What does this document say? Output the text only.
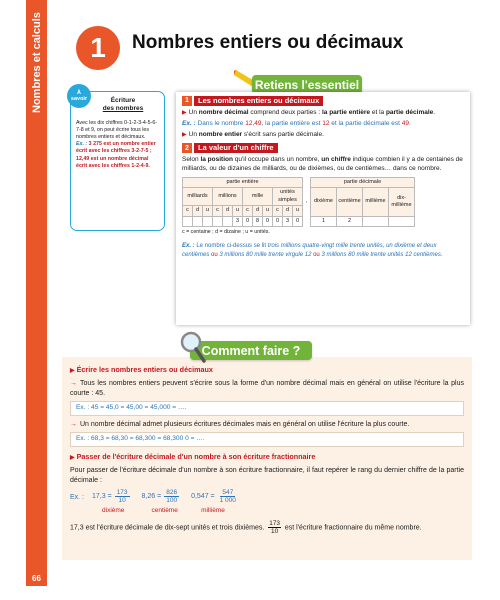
Nombres et calculs
66
1	Nombres entiers ou décimaux
Retiens l'essentiel
Écriture
des nombres
Avec les dix chiffres 0-1-2-3-4-5-6-7-8 et 9, on peut écrire tous les nombres entiers et décimaux.
Ex. : 3 275 est un nombre entier écrit avec les chiffres 3-2-7-5 ; 12,49 est un nombre décimal écrit avec les chiffres 1-2-4-9.
À
savoir	1	Les nombres entiers ou décimaux
▶ Un nombre décimal comprend deux parties : la partie entière et la partie décimale.
Ex. : Dans le nombre 12,49, la partie entière est 12 et la partie décimale est 49.
▶ Un nombre entier s'écrit sans partie décimale.
2	La valeur d'un chiffre
Selon la position qu'il occupe dans un nombre, un chiffre indique combien il y a de centaines de milliards, ou de dizaines de milliards, ou de dixièmes, ou de centièmes… dans ce nombre.
partie entière												,	partie décimale			
milliards			millions			mille			unités simples				dixième	centième	millième	dix-millième
c	d	u	c	d	u	c	d	u	c	d	u					
					3	0	8	0	0	3	0		1	2		
c = centaine ; d = dizaine ; u = unités.
Ex. : Le nombre ci-dessus se lit trois millions quatre-vingt mille trente unités, un dixième et deux centièmes ou 3 millions 80 mille trente virgule 12 ou 3 millions 80 mille trente unités 12 centièmes.
▶ Écrire les nombres entiers ou décimaux
→ Tous les nombres entiers peuvent s'écrire sous la forme d'un nombre décimal mais en général on utilise l'écriture la plus courte : 45.
Ex. : 45 = 45,0 = 45,00 = 45,000 = ….
→ Un nombre décimal admet plusieurs écritures décimales mais en général on utilise l'écriture la plus courte.
Ex. : 68,3 = 68,30 = 68,300 = 68,300 0 = ….
▶ Passer de l'écriture décimale d'un nombre à son écriture fractionnaire
Pour passer de l'écriture décimale d'un nombre à son écriture fractionnaire, il faut repérer le rang du dernier chiffre de la partie décimale :
Ex. : $17,3 = \frac{173}{10}$
dixième
$8,26 = \frac{826}{100}$
centième
$0,547 = \frac{547}{1 000}$
millième
17,3 est l'écriture décimale de dix-sept unités et trois dixièmes. $\frac{173}{10}$ est l'écriture fractionnaire du même nombre.
Comment faire ?
